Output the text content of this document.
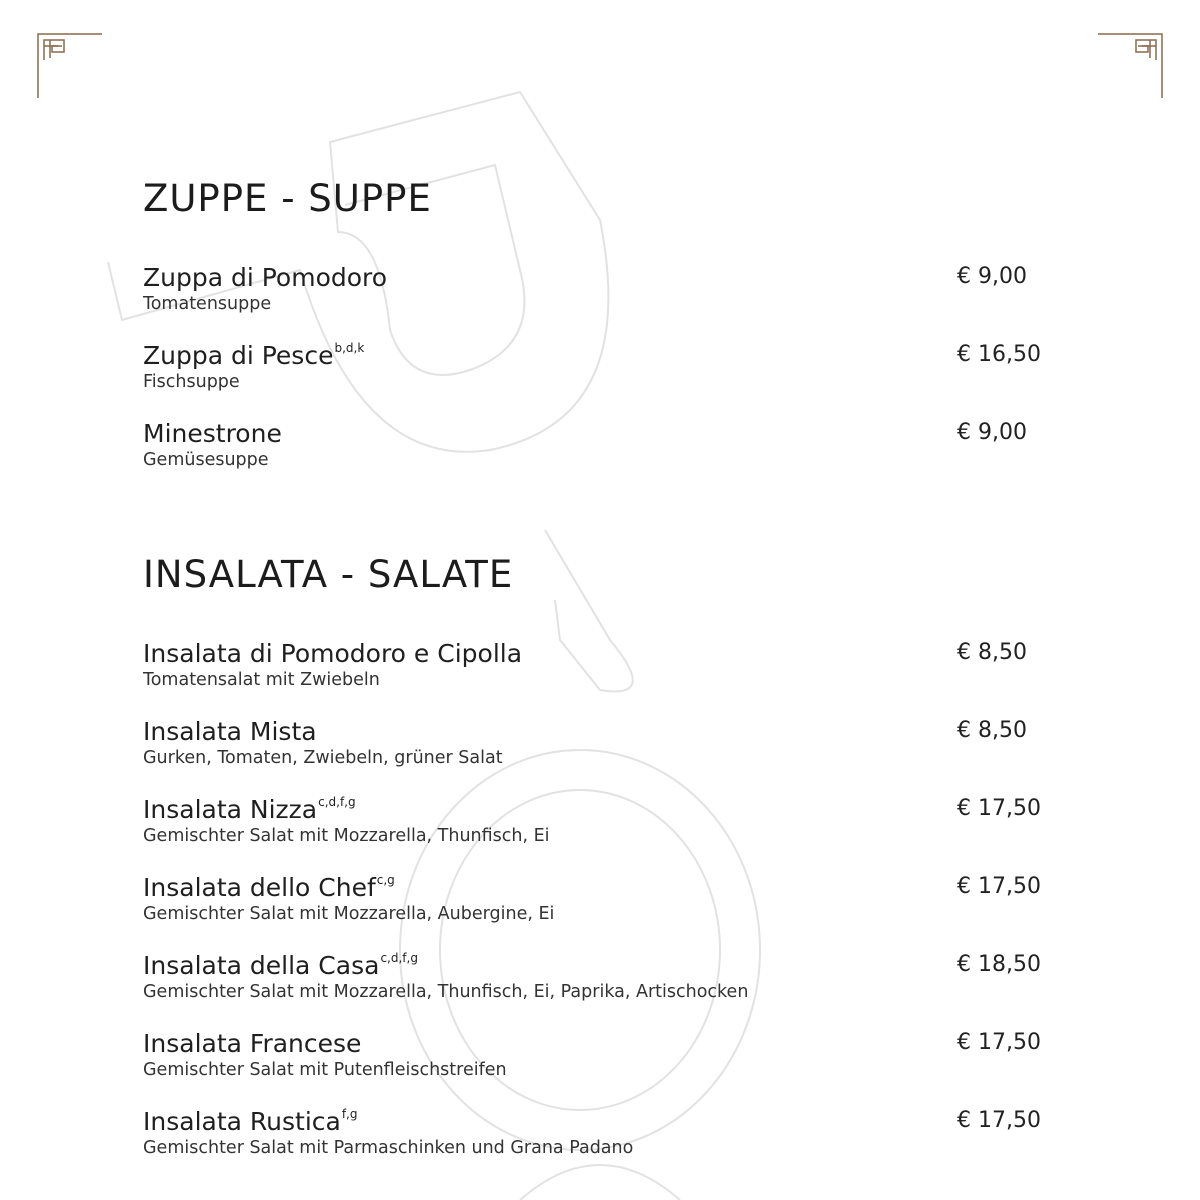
ZUPPE - SUPPE
Zuppa di Pomodoro
Tomatensuppe
€ 9,00
Zuppa di Pesce$^{b,d,k}$
Fischsuppe
€ 16,50
Minestrone
Gemüsesuppe
€ 9,00
INSALATA - SALATE
Insalata di Pomodoro e Cipolla
Tomatensalat mit Zwiebeln
€ 8,50
Insalata Mista
Gurken, Tomaten, Zwiebeln, grüner Salat
€ 8,50
Insalata Nizza$^{c,d,f,g}$
Gemischter Salat mit Mozzarella, Thunfisch, Ei
€ 17,50
Insalata dello Chef$^{c,g}$
Gemischter Salat mit Mozzarella, Aubergine, Ei
€ 17,50
Insalata della Casa$^{c,d,f,g}$
Gemischter Salat mit Mozzarella, Thunfisch, Ei, Paprika, Artischocken
€ 18,50
Insalata Francese
Gemischter Salat mit Putenfleischstreifen
€ 17,50
Insalata Rustica$^{f,g}$
Gemischter Salat mit Parmaschinken und Grana Padano
€ 17,50
